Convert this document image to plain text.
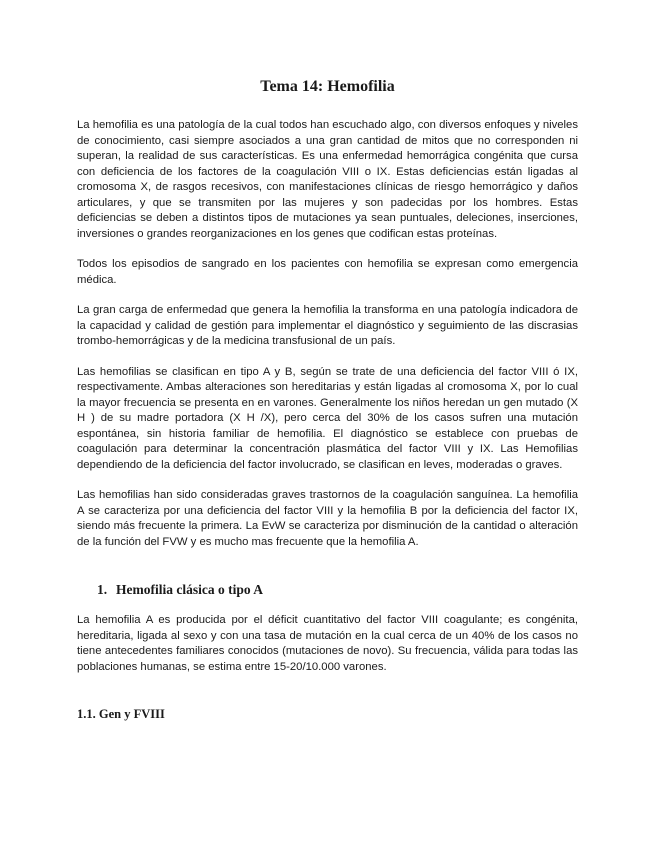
Tema 14: Hemofilia

La hemofilia es una patología de la cual todos han escuchado algo, con diversos enfoques y niveles de conocimiento, casi siempre asociados a una gran cantidad de mitos que no corresponden ni superan, la realidad de sus características. Es una enfermedad hemorrágica congénita que cursa con deficiencia de los factores de la coagulación VIII o IX. Estas deficiencias están ligadas al cromosoma X, de rasgos recesivos, con manifestaciones clínicas de riesgo hemorrágico y daños articulares, y que se transmiten por las mujeres y son padecidas por los hombres. Estas deficiencias se deben a distintos tipos de mutaciones ya sean puntuales, deleciones, inserciones, inversiones o grandes reorganizaciones en los genes que codifican estas proteínas.

Todos los episodios de sangrado en los pacientes con hemofilia se expresan como emergencia médica.

La gran carga de enfermedad que genera la hemofilia la transforma en una patología indicadora de la capacidad y calidad de gestión para implementar el diagnóstico y seguimiento de las discrasias trombo-hemorrágicas y de la medicina transfusional de un país.

Las hemofilias se clasifican en tipo A y B, según se trate de una deficiencia del factor VIII ó IX, respectivamente. Ambas alteraciones son hereditarias y están ligadas al cromosoma X, por lo cual la mayor frecuencia se presenta en en varones. Generalmente los niños heredan un gen mutado (X H ) de su madre portadora (X H /X), pero cerca del 30% de los casos sufren una mutación espontánea, sin historia familiar de hemofilia. El diagnóstico se establece con pruebas de coagulación para determinar la concentración plasmática del factor VIII y IX. Las Hemofilias dependiendo de la deficiencia del factor involucrado, se clasifican en leves, moderadas o graves.

Las hemofilias han sido consideradas graves trastornos de la coagulación sanguínea. La hemofilia A se caracteriza por una deficiencia del factor VIII y la hemofilia B por la deficiencia del factor IX, siendo más frecuente la primera. La EvW se caracteriza por disminución de la cantidad o alteración de la función del FVW y es mucho mas frecuente que la hemofilia A.

1. Hemofilia clásica o tipo A

La hemofilia A es producida por el déficit cuantitativo del factor VIII coagulante; es congénita, hereditaria, ligada al sexo y con una tasa de mutación en la cual cerca de un 40% de los casos no tiene antecedentes familiares conocidos (mutaciones de novo). Su frecuencia, válida para todas las poblaciones humanas, se estima entre 15-20/10.000 varones.

1.1. Gen y FVIII
